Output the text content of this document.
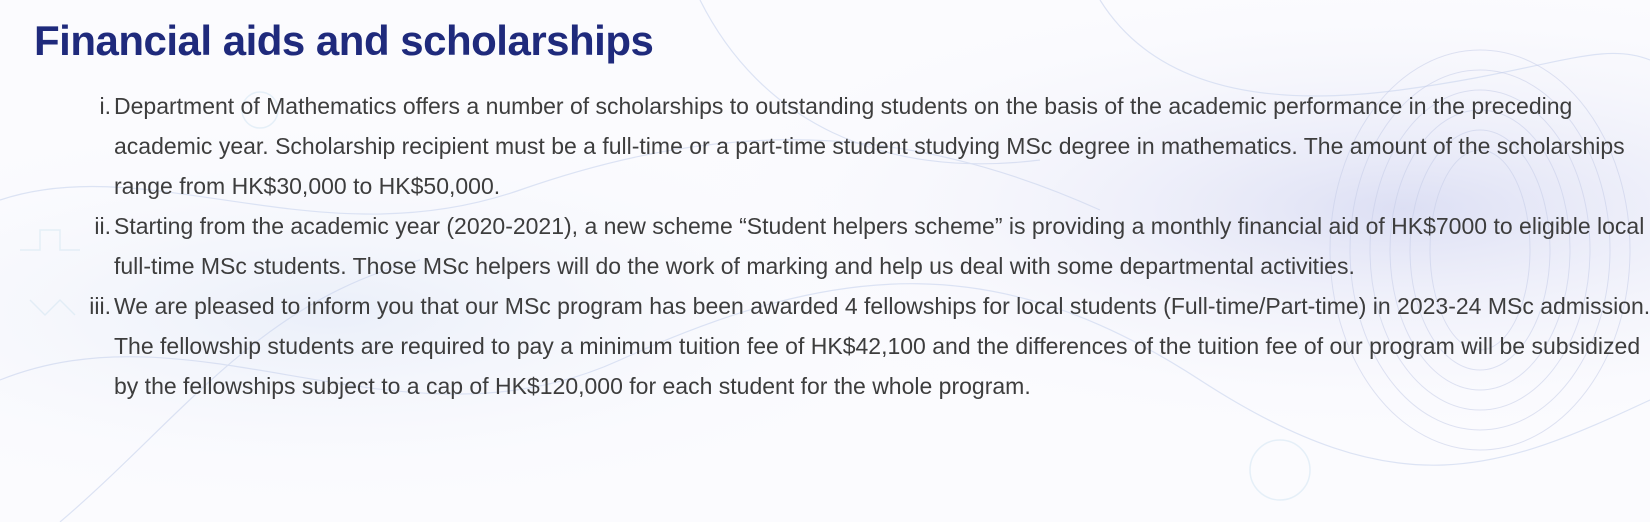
Financial aids and scholarships
i. Department of Mathematics offers a number of scholarships to outstanding students on the basis of the academic performance in the preceding academic year. Scholarship recipient must be a full-time or a part-time student studying MSc degree in mathematics. The amount of the scholarships range from HK$30,000 to HK$50,000.
ii. Starting from the academic year (2020-2021), a new scheme “Student helpers scheme” is providing a monthly financial aid of HK$7000 to eligible local full-time MSc students. Those MSc helpers will do the work of marking and help us deal with some departmental activities.
iii. We are pleased to inform you that our MSc program has been awarded 4 fellowships for local students (Full-time/Part-time) in 2023-24 MSc admission.
The fellowship students are required to pay a minimum tuition fee of HK$42,100 and the differences of the tuition fee of our program will be subsidized by the fellowships subject to a cap of HK$120,000 for each student for the whole program.
